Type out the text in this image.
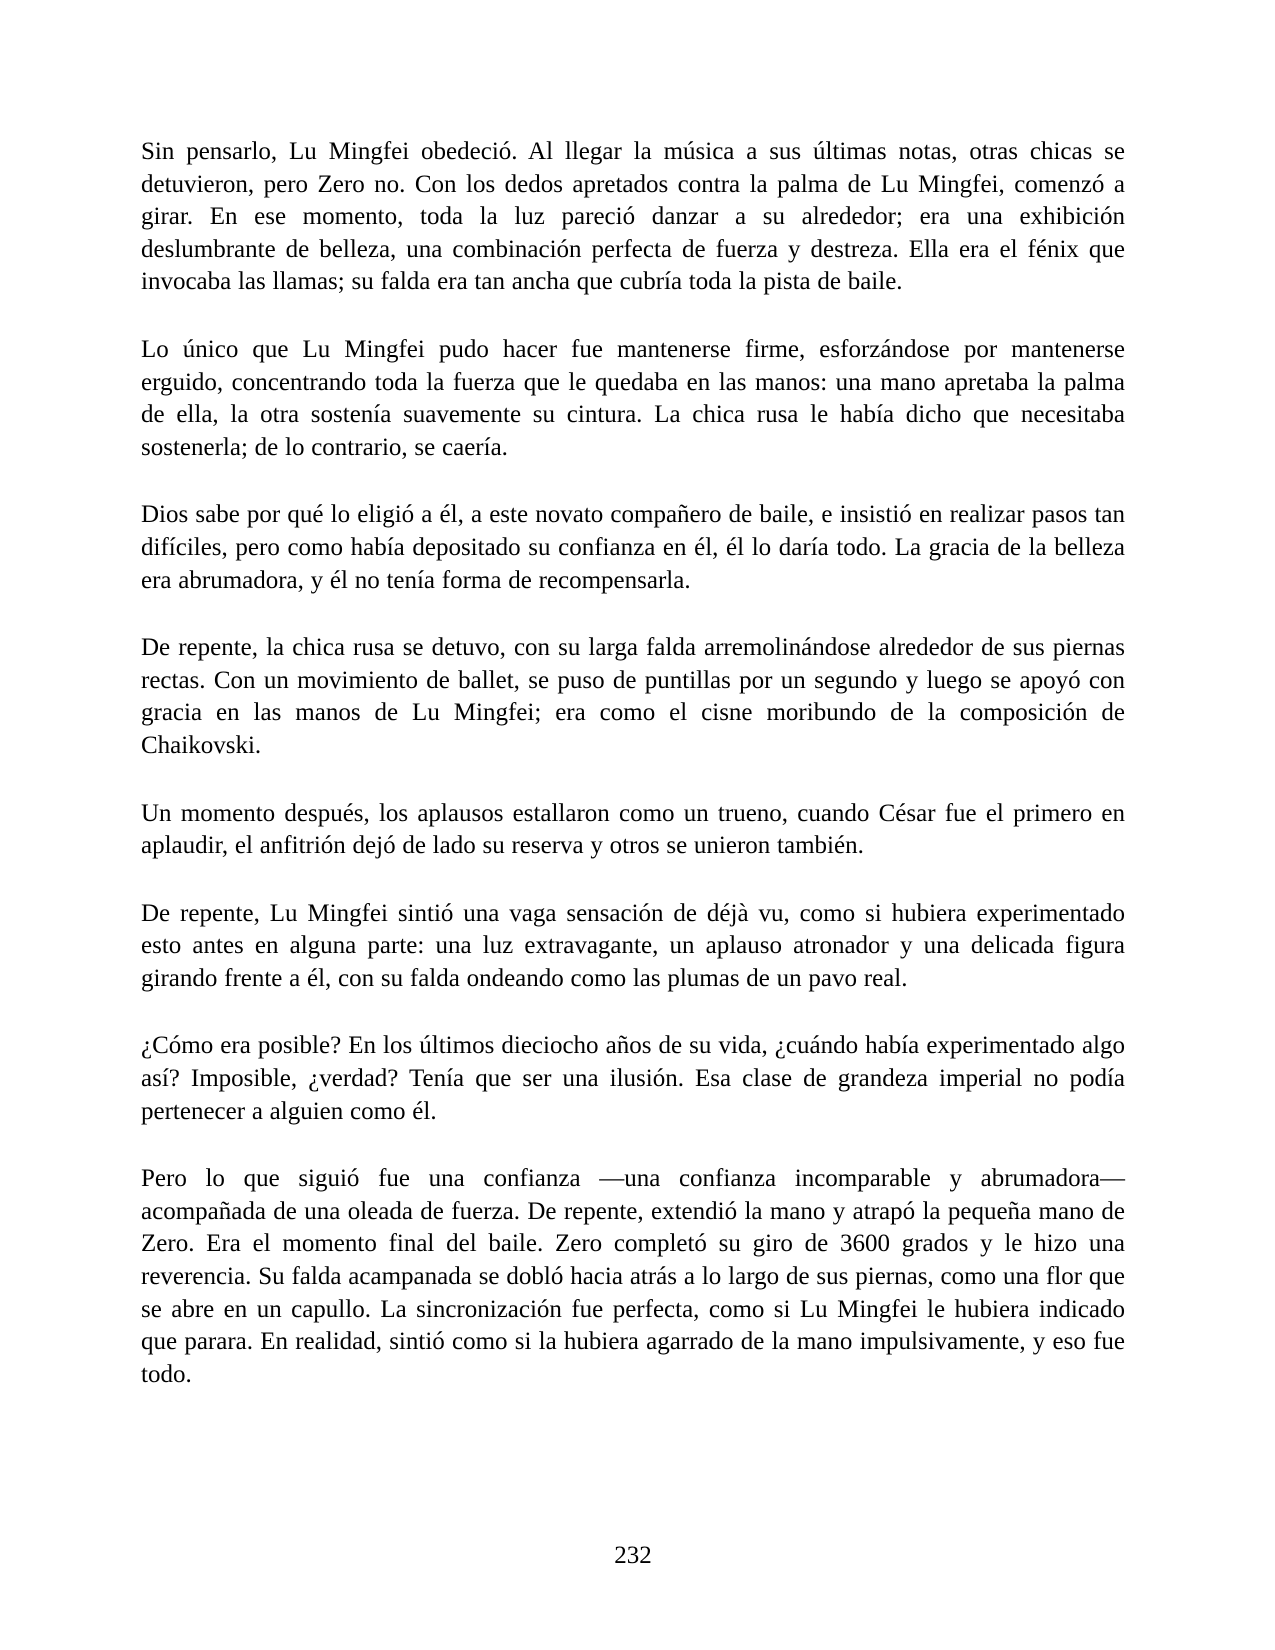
Sin pensarlo, Lu Mingfei obedeció. Al llegar la música a sus últimas notas, otras chicas se detuvieron, pero Zero no. Con los dedos apretados contra la palma de Lu Mingfei, comenzó a girar. En ese momento, toda la luz pareció danzar a su alrededor; era una exhibición deslumbrante de belleza, una combinación perfecta de fuerza y destreza. Ella era el fénix que invocaba las llamas; su falda era tan ancha que cubría toda la pista de baile.

Lo único que Lu Mingfei pudo hacer fue mantenerse firme, esforzándose por mantenerse erguido, concentrando toda la fuerza que le quedaba en las manos: una mano apretaba la palma de ella, la otra sostenía suavemente su cintura. La chica rusa le había dicho que necesitaba sostenerla; de lo contrario, se caería.

Dios sabe por qué lo eligió a él, a este novato compañero de baile, e insistió en realizar pasos tan difíciles, pero como había depositado su confianza en él, él lo daría todo. La gracia de la belleza era abrumadora, y él no tenía forma de recompensarla.

De repente, la chica rusa se detuvo, con su larga falda arremolinándose alrededor de sus piernas rectas. Con un movimiento de ballet, se puso de puntillas por un segundo y luego se apoyó con gracia en las manos de Lu Mingfei; era como el cisne moribundo de la composición de Chaikovski.

Un momento después, los aplausos estallaron como un trueno, cuando César fue el primero en aplaudir, el anfitrión dejó de lado su reserva y otros se unieron también.

De repente, Lu Mingfei sintió una vaga sensación de déjà vu, como si hubiera experimentado esto antes en alguna parte: una luz extravagante, un aplauso atronador y una delicada figura girando frente a él, con su falda ondeando como las plumas de un pavo real.

¿Cómo era posible? En los últimos dieciocho años de su vida, ¿cuándo había experimentado algo así? Imposible, ¿verdad? Tenía que ser una ilusión. Esa clase de grandeza imperial no podía pertenecer a alguien como él.

Pero lo que siguió fue una confianza —una confianza incomparable y abrumadora— acompañada de una oleada de fuerza. De repente, extendió la mano y atrapó la pequeña mano de Zero. Era el momento final del baile. Zero completó su giro de 3600 grados y le hizo una reverencia. Su falda acampanada se dobló hacia atrás a lo largo de sus piernas, como una flor que se abre en un capullo. La sincronización fue perfecta, como si Lu Mingfei le hubiera indicado que parara. En realidad, sintió como si la hubiera agarrado de la mano impulsivamente, y eso fue todo.

232
